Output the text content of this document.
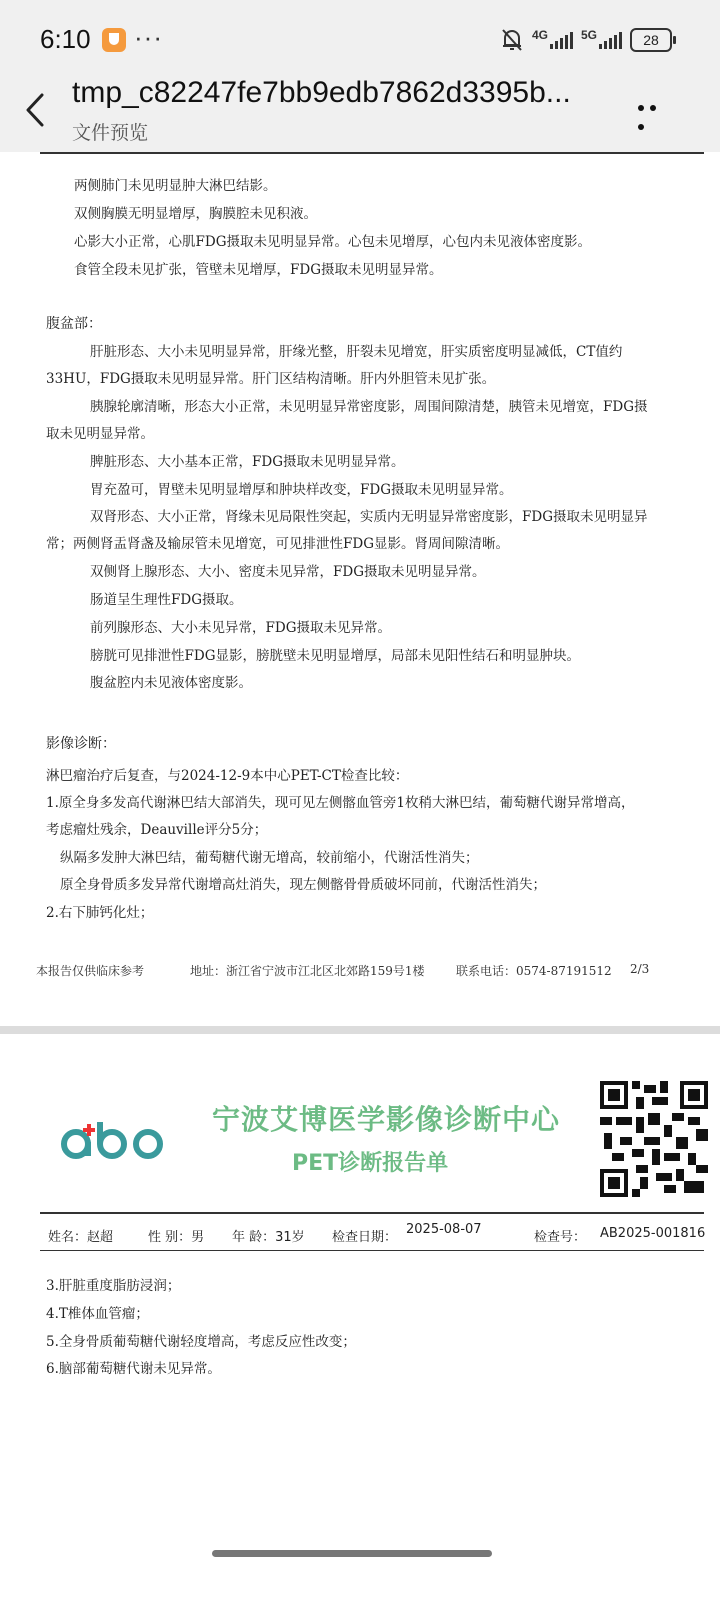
6:10 ···	4G	5G	28
tmp_c82247fe7bb9edb7862d3395b...
文件预览
两侧肺门未见明显肿大淋巴结影。
双侧胸膜无明显增厚，胸膜腔未见积液。
心影大小正常，心肌FDG摄取未见明显异常。心包未见增厚，心包内未见液体密度影。
食管全段未见扩张，管壁未见增厚，FDG摄取未见明显异常。
腹盆部：
肝脏形态、大小未见明显异常，肝缘光整，肝裂未见增宽，肝实质密度明显减低，CT值约
33HU，FDG摄取未见明显异常。肝门区结构清晰。肝内外胆管未见扩张。
胰腺轮廓清晰，形态大小正常，未见明显异常密度影，周围间隙清楚，胰管未见增宽，FDG摄
取未见明显异常。
脾脏形态、大小基本正常，FDG摄取未见明显异常。
胃充盈可，胃壁未见明显增厚和肿块样改变，FDG摄取未见明显异常。
双肾形态、大小正常，肾缘未见局限性突起，实质内无明显异常密度影，FDG摄取未见明显异
常；两侧肾盂肾盏及输尿管未见增宽，可见排泄性FDG显影。肾周间隙清晰。
双侧肾上腺形态、大小、密度未见异常，FDG摄取未见明显异常。
肠道呈生理性FDG摄取。
前列腺形态、大小未见异常，FDG摄取未见异常。
膀胱可见排泄性FDG显影，膀胱壁未见明显增厚，局部未见阳性结石和明显肿块。
腹盆腔内未见液体密度影。
影像诊断：
淋巴瘤治疗后复查，与2024-12-9本中心PET-CT检查比较：
1.原全身多发高代谢淋巴结大部消失，现可见左侧髂血管旁1枚稍大淋巴结，葡萄糖代谢异常增高，
考虑瘤灶残余，Deauville评分5分；
纵隔多发肿大淋巴结，葡萄糖代谢无增高，较前缩小，代谢活性消失；
原全身骨质多发异常代谢增高灶消失，现左侧髂骨骨质破坏同前，代谢活性消失；
2.右下肺钙化灶；
本报告仅供临床参考	地址：浙江省宁波市江北区北郊路159号1楼	联系电话：0574-87191512 2/3
宁波艾博医学影像诊断中心
PET诊断报告单
姓名：赵超	性 别：男 年 龄：31岁 检查日期：
2025-08-07
检查号： AB2025-001816
3.肝脏重度脂肪浸润；
4.T椎体血管瘤；
5.全身骨质葡萄糖代谢轻度增高，考虑反应性改变；
6.脑部葡萄糖代谢未见异常。
